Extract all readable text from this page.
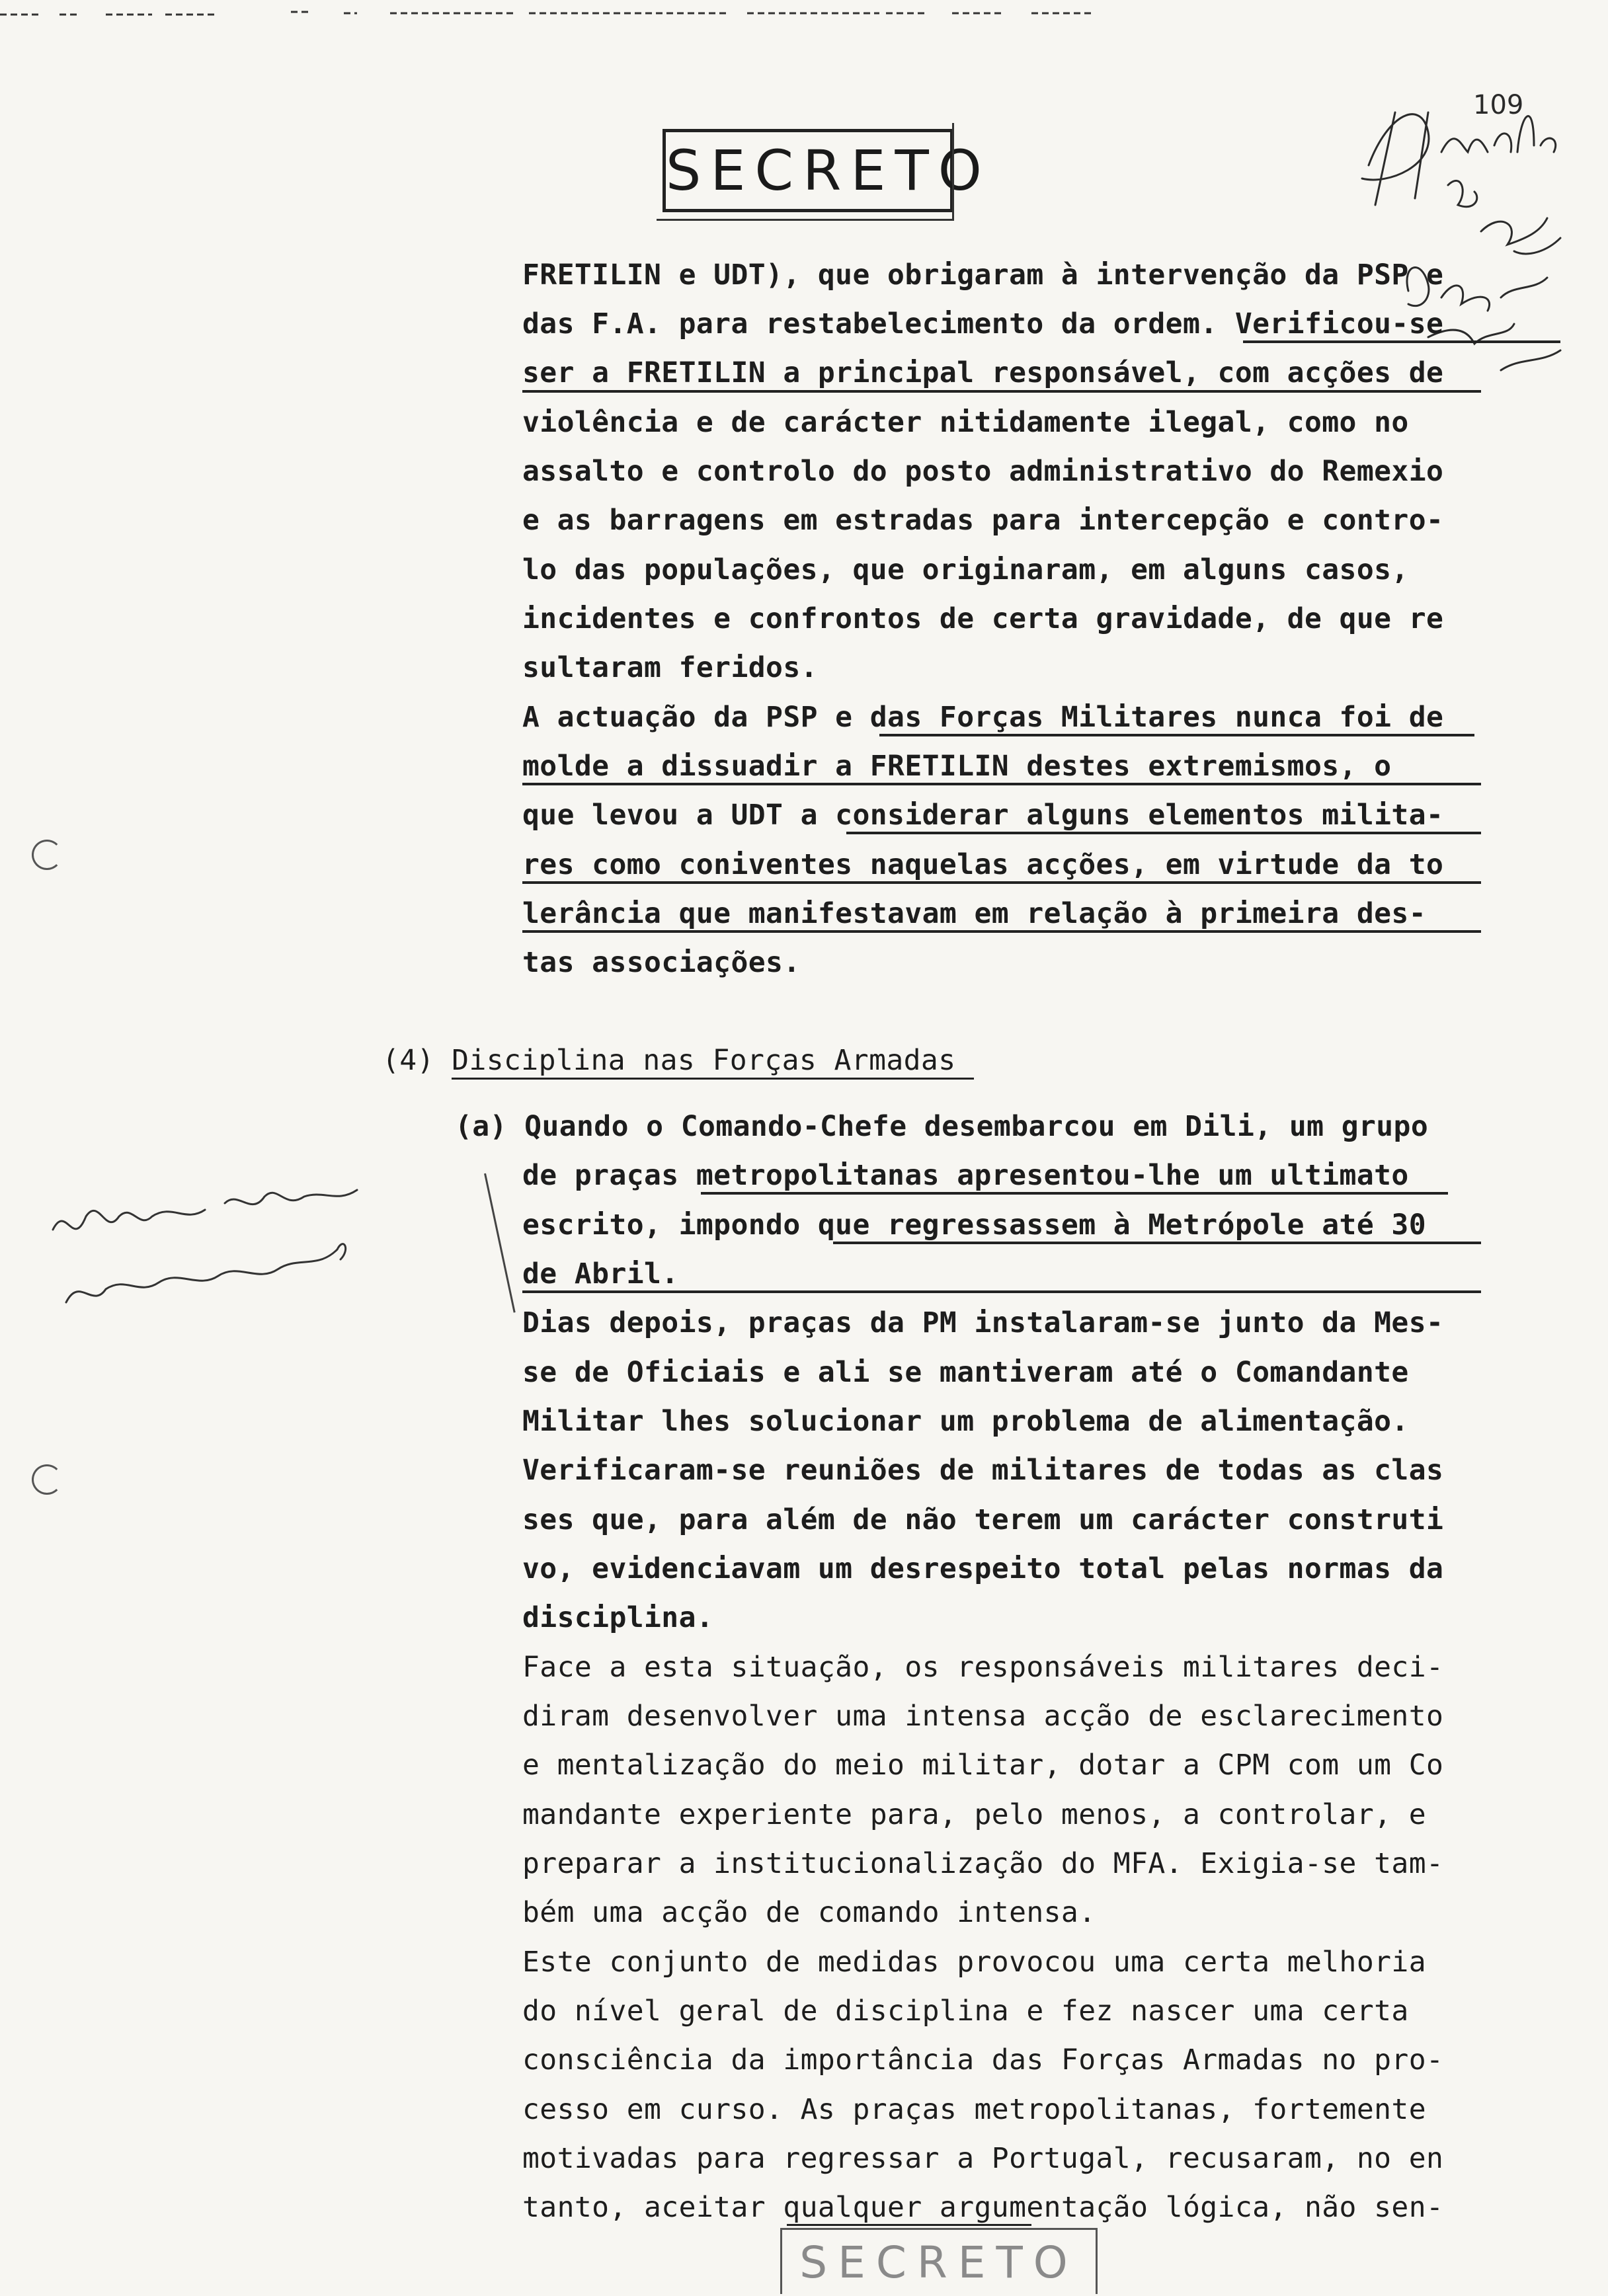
SECRETO
109
FRETILIN e UDT), que obrigaram à intervenção da PSP e
das F.A. para restabelecimento da ordem. Verificou-se
ser a FRETILIN a principal responsável, com acções de
violência e de carácter nitidamente ilegal, como no
assalto e controlo do posto administrativo do Remexio
e as barragens em estradas para intercepção e contro-
lo das populações, que originaram, em alguns casos,
incidentes e confrontos de certa gravidade, de que re
sultaram feridos.
A actuação da PSP e das Forças Militares nunca foi de
molde a dissuadir a FRETILIN destes extremismos, o
que levou a UDT a considerar alguns elementos milita-
res como coniventes naquelas acções, em virtude da to
lerância que manifestavam em relação à primeira des-
tas associações.
(4) Disciplina nas Forças Armadas
(a) Quando o Comando-Chefe desembarcou em Dili, um grupo
de praças metropolitanas apresentou-lhe um ultimato
escrito, impondo que regressassem à Metrópole até 30
de Abril.
Dias depois, praças da PM instalaram-se junto da Mes-
se de Oficiais e ali se mantiveram até o Comandante
Militar lhes solucionar um problema de alimentação.
Verificaram-se reuniões de militares de todas as clas
ses que, para além de não terem um carácter construti
vo, evidenciavam um desrespeito total pelas normas da
disciplina.
Face a esta situação, os responsáveis militares deci-
diram desenvolver uma intensa acção de esclarecimento
e mentalização do meio militar, dotar a CPM com um Co
mandante experiente para, pelo menos, a controlar, e
preparar a institucionalização do MFA. Exigia-se tam-
bém uma acção de comando intensa.
Este conjunto de medidas provocou uma certa melhoria
do nível geral de disciplina e fez nascer uma certa
consciência da importância das Forças Armadas no pro-
cesso em curso. As praças metropolitanas, fortemente
motivadas para regressar a Portugal, recusaram, no en
tanto, aceitar qualquer argumentação lógica, não sen-
SECRETO
